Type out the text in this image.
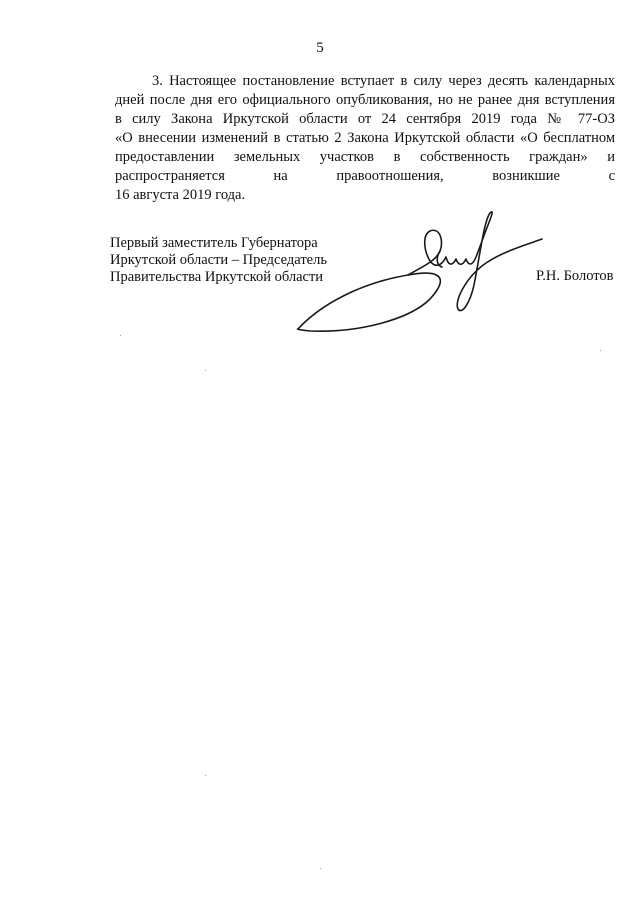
5
3. Настоящее постановление вступает в силу через десять календарных
дней после дня его официального опубликования, но не ранее дня вступления
в силу Закона Иркутской области от 24 сентября 2019 года № 77-ОЗ
«О внесении изменений в статью 2 Закона Иркутской области «О бесплатном
предоставлении земельных участков в собственность граждан» и
распространяется на правоотношения, возникшие с
16 августа 2019 года.
Первый заместитель Губернатора
Иркутской области – Председатель
Правительства Иркутской области	Р.Н. Болотов
